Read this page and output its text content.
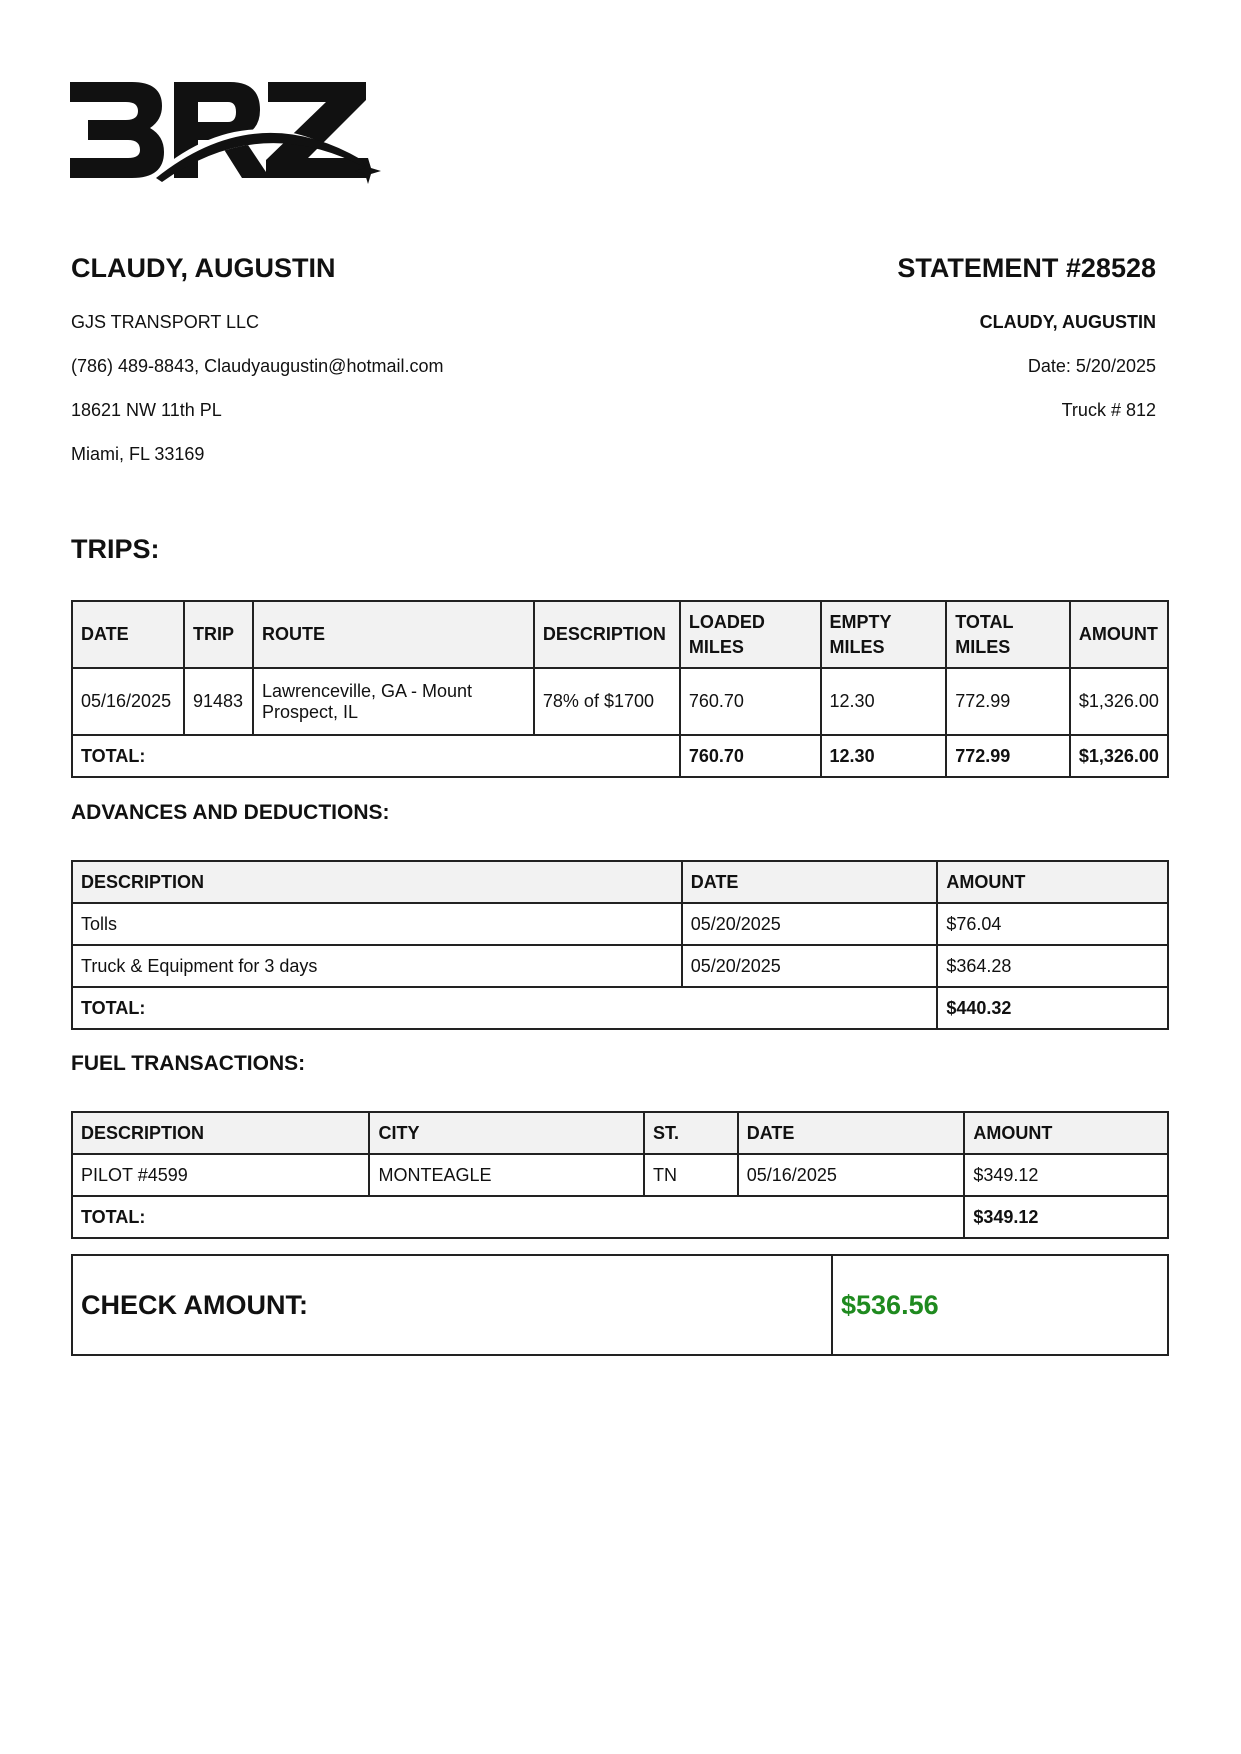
CLAUDY, AUGUSTIN
GJS TRANSPORT LLC
(786) 489-8843, Claudyaugustin@hotmail.com
18621 NW 11th PL
Miami, FL 33169
STATEMENT #28528
CLAUDY, AUGUSTIN
Date: 5/20/2025
Truck # 812
TRIPS:
DATE	TRIP	ROUTE	DESCRIPTION	LOADED MILES	EMPTY MILES	TOTAL MILES	AMOUNT
05/16/2025	91483	Lawrenceville, GA - Mount Prospect, IL	78% of $1700	760.70	12.30	772.99	$1,326.00
TOTAL:				760.70	12.30	772.99	$1,326.00
ADVANCES AND DEDUCTIONS:
DESCRIPTION	DATE	AMOUNT
Tolls	05/20/2025	$76.04
Truck & Equipment for 3 days	05/20/2025	$364.28
TOTAL:		$440.32
FUEL TRANSACTIONS:
DESCRIPTION	CITY	ST.	DATE	AMOUNT
PILOT #4599	MONTEAGLE	TN	05/16/2025	$349.12
TOTAL:				$349.12
CHECK AMOUNT:	$536.56
